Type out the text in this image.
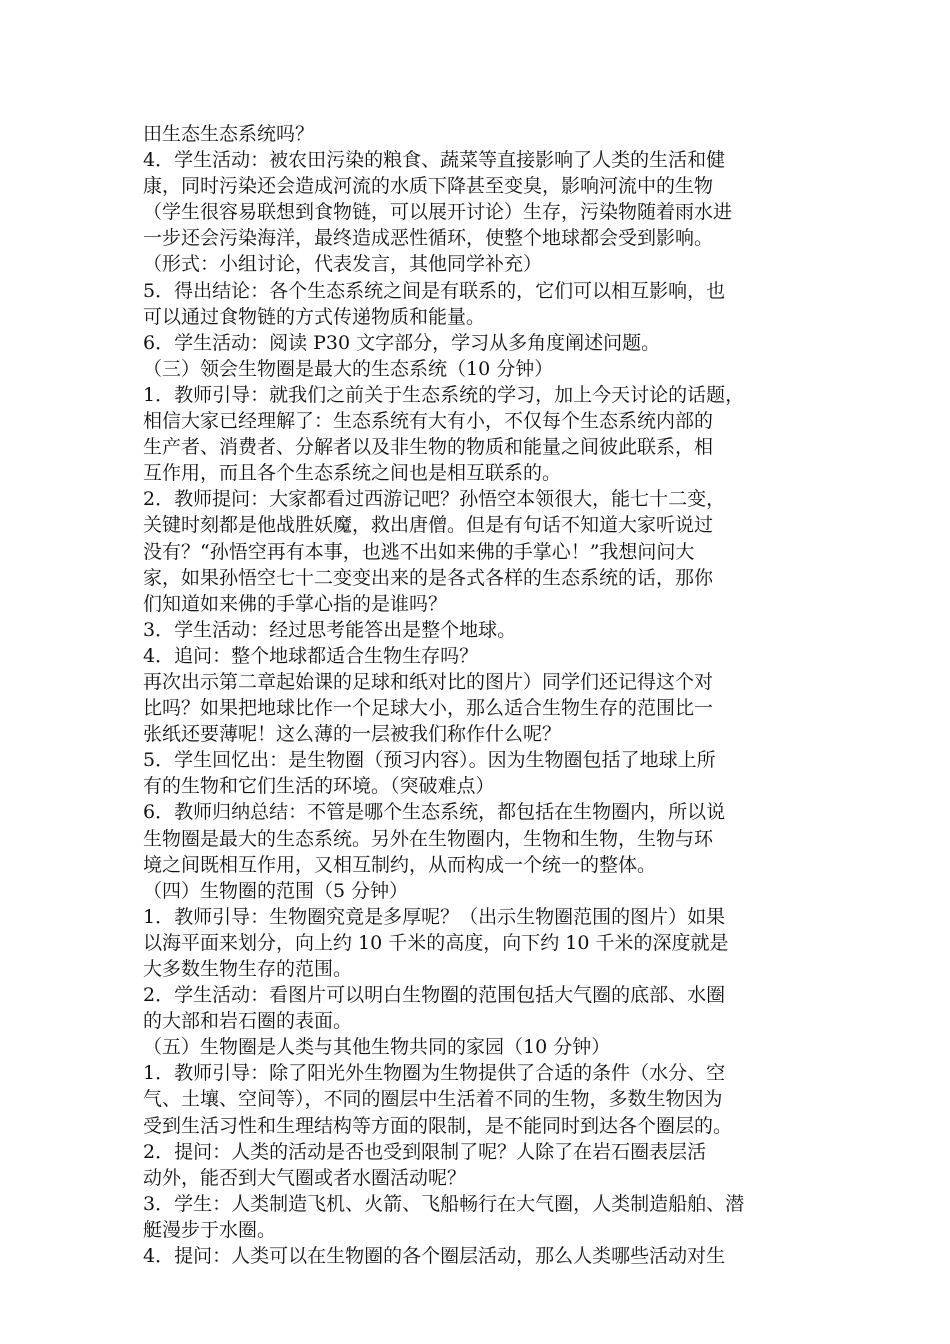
田生态生态系统吗？
4．学生活动：被农田污染的粮食、蔬菜等直接影响了人类的生活和健
康，同时污染还会造成河流的水质下降甚至变臭，影响河流中的生物
（学生很容易联想到食物链，可以展开讨论）生存，污染物随着雨水进
一步还会污染海洋，最终造成恶性循环，使整个地球都会受到影响。
（形式：小组讨论，代表发言，其他同学补充）
5．得出结论：各个生态系统之间是有联系的，它们可以相互影响，也
可以通过食物链的方式传递物质和能量。
6．学生活动：阅读 P30 文字部分，学习从多角度阐述问题。
（三）领会生物圈是最大的生态系统（10 分钟）
1．教师引导：就我们之前关于生态系统的学习，加上今天讨论的话题，
相信大家已经理解了：生态系统有大有小，不仅每个生态系统内部的
生产者、消费者、分解者以及非生物的物质和能量之间彼此联系，相
互作用，而且各个生态系统之间也是相互联系的。
2．教师提问：大家都看过西游记吧？孙悟空本领很大，能七十二变，
关键时刻都是他战胜妖魔，救出唐僧。但是有句话不知道大家听说过
没有？“孙悟空再有本事，也逃不出如来佛的手掌心！”我想问问大
家，如果孙悟空七十二变变出来的是各式各样的生态系统的话，那你
们知道如来佛的手掌心指的是谁吗？
3．学生活动：经过思考能答出是整个地球。
4．追问：整个地球都适合生物生存吗？
再次出示第二章起始课的足球和纸对比的图片）同学们还记得这个对
比吗？如果把地球比作一个足球大小，那么适合生物生存的范围比一
张纸还要薄呢！这么薄的一层被我们称作什么呢？
5．学生回忆出：是生物圈（预习内容）。因为生物圈包括了地球上所
有的生物和它们生活的环境。（突破难点）
6．教师归纳总结：不管是哪个生态系统，都包括在生物圈内，所以说
生物圈是最大的生态系统。另外在生物圈内，生物和生物，生物与环
境之间既相互作用，又相互制约，从而构成一个统一的整体。
（四）生物圈的范围（5 分钟）
1．教师引导：生物圈究竟是多厚呢？（出示生物圈范围的图片）如果
以海平面来划分，向上约 10 千米的高度，向下约 10 千米的深度就是
大多数生物生存的范围。
2．学生活动：看图片可以明白生物圈的范围包括大气圈的底部、水圈
的大部和岩石圈的表面。
（五）生物圈是人类与其他生物共同的家园（10 分钟）
1．教师引导：除了阳光外生物圈为生物提供了合适的条件（水分、空
气、土壤、空间等），不同的圈层中生活着不同的生物，多数生物因为
受到生活习性和生理结构等方面的限制，是不能同时到达各个圈层的。
2．提问：人类的活动是否也受到限制了呢？人除了在岩石圈表层活
动外，能否到大气圈或者水圈活动呢？
3．学生：人类制造飞机、火箭、飞船畅行在大气圈，人类制造船舶、潜
艇漫步于水圈。
4．提问：人类可以在生物圈的各个圈层活动，那么人类哪些活动对生
